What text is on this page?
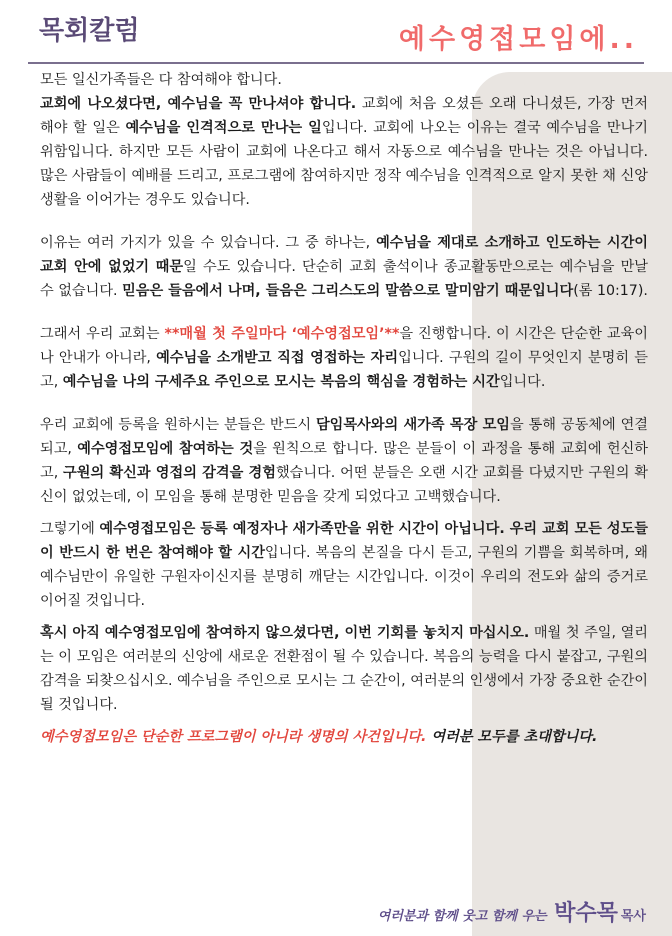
목회칼럼	예수영접모임에..

모든 일신가족들은 다 참여해야 합니다.
교회에 나오셨다면, 예수님을 꼭 만나셔야 합니다. 교회에 처음 오셨든 오래 다니셨든, 가장 먼저 해야 할 일은 예수님을 인격적으로 만나는 일입니다. 교회에 나오는 이유는 결국 예수님을 만나기 위함입니다. 하지만 모든 사람이 교회에 나온다고 해서 자동으로 예수님을 만나는 것은 아닙니다. 많은 사람들이 예배를 드리고, 프로그램에 참여하지만 정작 예수님을 인격적으로 알지 못한 채 신앙생활을 이어가는 경우도 있습니다.

이유는 여러 가지가 있을 수 있습니다. 그 중 하나는, 예수님을 제대로 소개하고 인도하는 시간이 교회 안에 없었기 때문일 수도 있습니다. 단순히 교회 출석이나 종교활동만으로는 예수님을 만날 수 없습니다. 믿음은 들음에서 나며, 들음은 그리스도의 말씀으로 말미암기 때문입니다(롬 10:17).

그래서 우리 교회는 **매월 첫 주일마다 ‘예수영접모임’**을 진행합니다. 이 시간은 단순한 교육이나 안내가 아니라, 예수님을 소개받고 직접 영접하는 자리입니다. 구원의 길이 무엇인지 분명히 듣고, 예수님을 나의 구세주요 주인으로 모시는 복음의 핵심을 경험하는 시간입니다.

우리 교회에 등록을 원하시는 분들은 반드시 담임목사와의 새가족 목장 모임을 통해 공동체에 연결되고, 예수영접모임에 참여하는 것을 원칙으로 합니다. 많은 분들이 이 과정을 통해 교회에 헌신하고, 구원의 확신과 영접의 감격을 경험했습니다. 어떤 분들은 오랜 시간 교회를 다녔지만 구원의 확신이 없었는데, 이 모임을 통해 분명한 믿음을 갖게 되었다고 고백했습니다.

그렇기에 예수영접모임은 등록 예정자나 새가족만을 위한 시간이 아닙니다. 우리 교회 모든 성도들이 반드시 한 번은 참여해야 할 시간입니다. 복음의 본질을 다시 듣고, 구원의 기쁨을 회복하며, 왜 예수님만이 유일한 구원자이신지를 분명히 깨닫는 시간입니다. 이것이 우리의 전도와 삶의 증거로 이어질 것입니다.

혹시 아직 예수영접모임에 참여하지 않으셨다면, 이번 기회를 놓치지 마십시오. 매월 첫 주일, 열리는 이 모임은 여러분의 신앙에 새로운 전환점이 될 수 있습니다. 복음의 능력을 다시 붙잡고, 구원의 감격을 되찾으십시오. 예수님을 주인으로 모시는 그 순간이, 여러분의 인생에서 가장 중요한 순간이 될 것입니다.

예수영접모임은 단순한 프로그램이 아니라 생명의 사건입니다. 여러분 모두를 초대합니다.

여러분과 함께 웃고 함께 우는 박수목 목사
